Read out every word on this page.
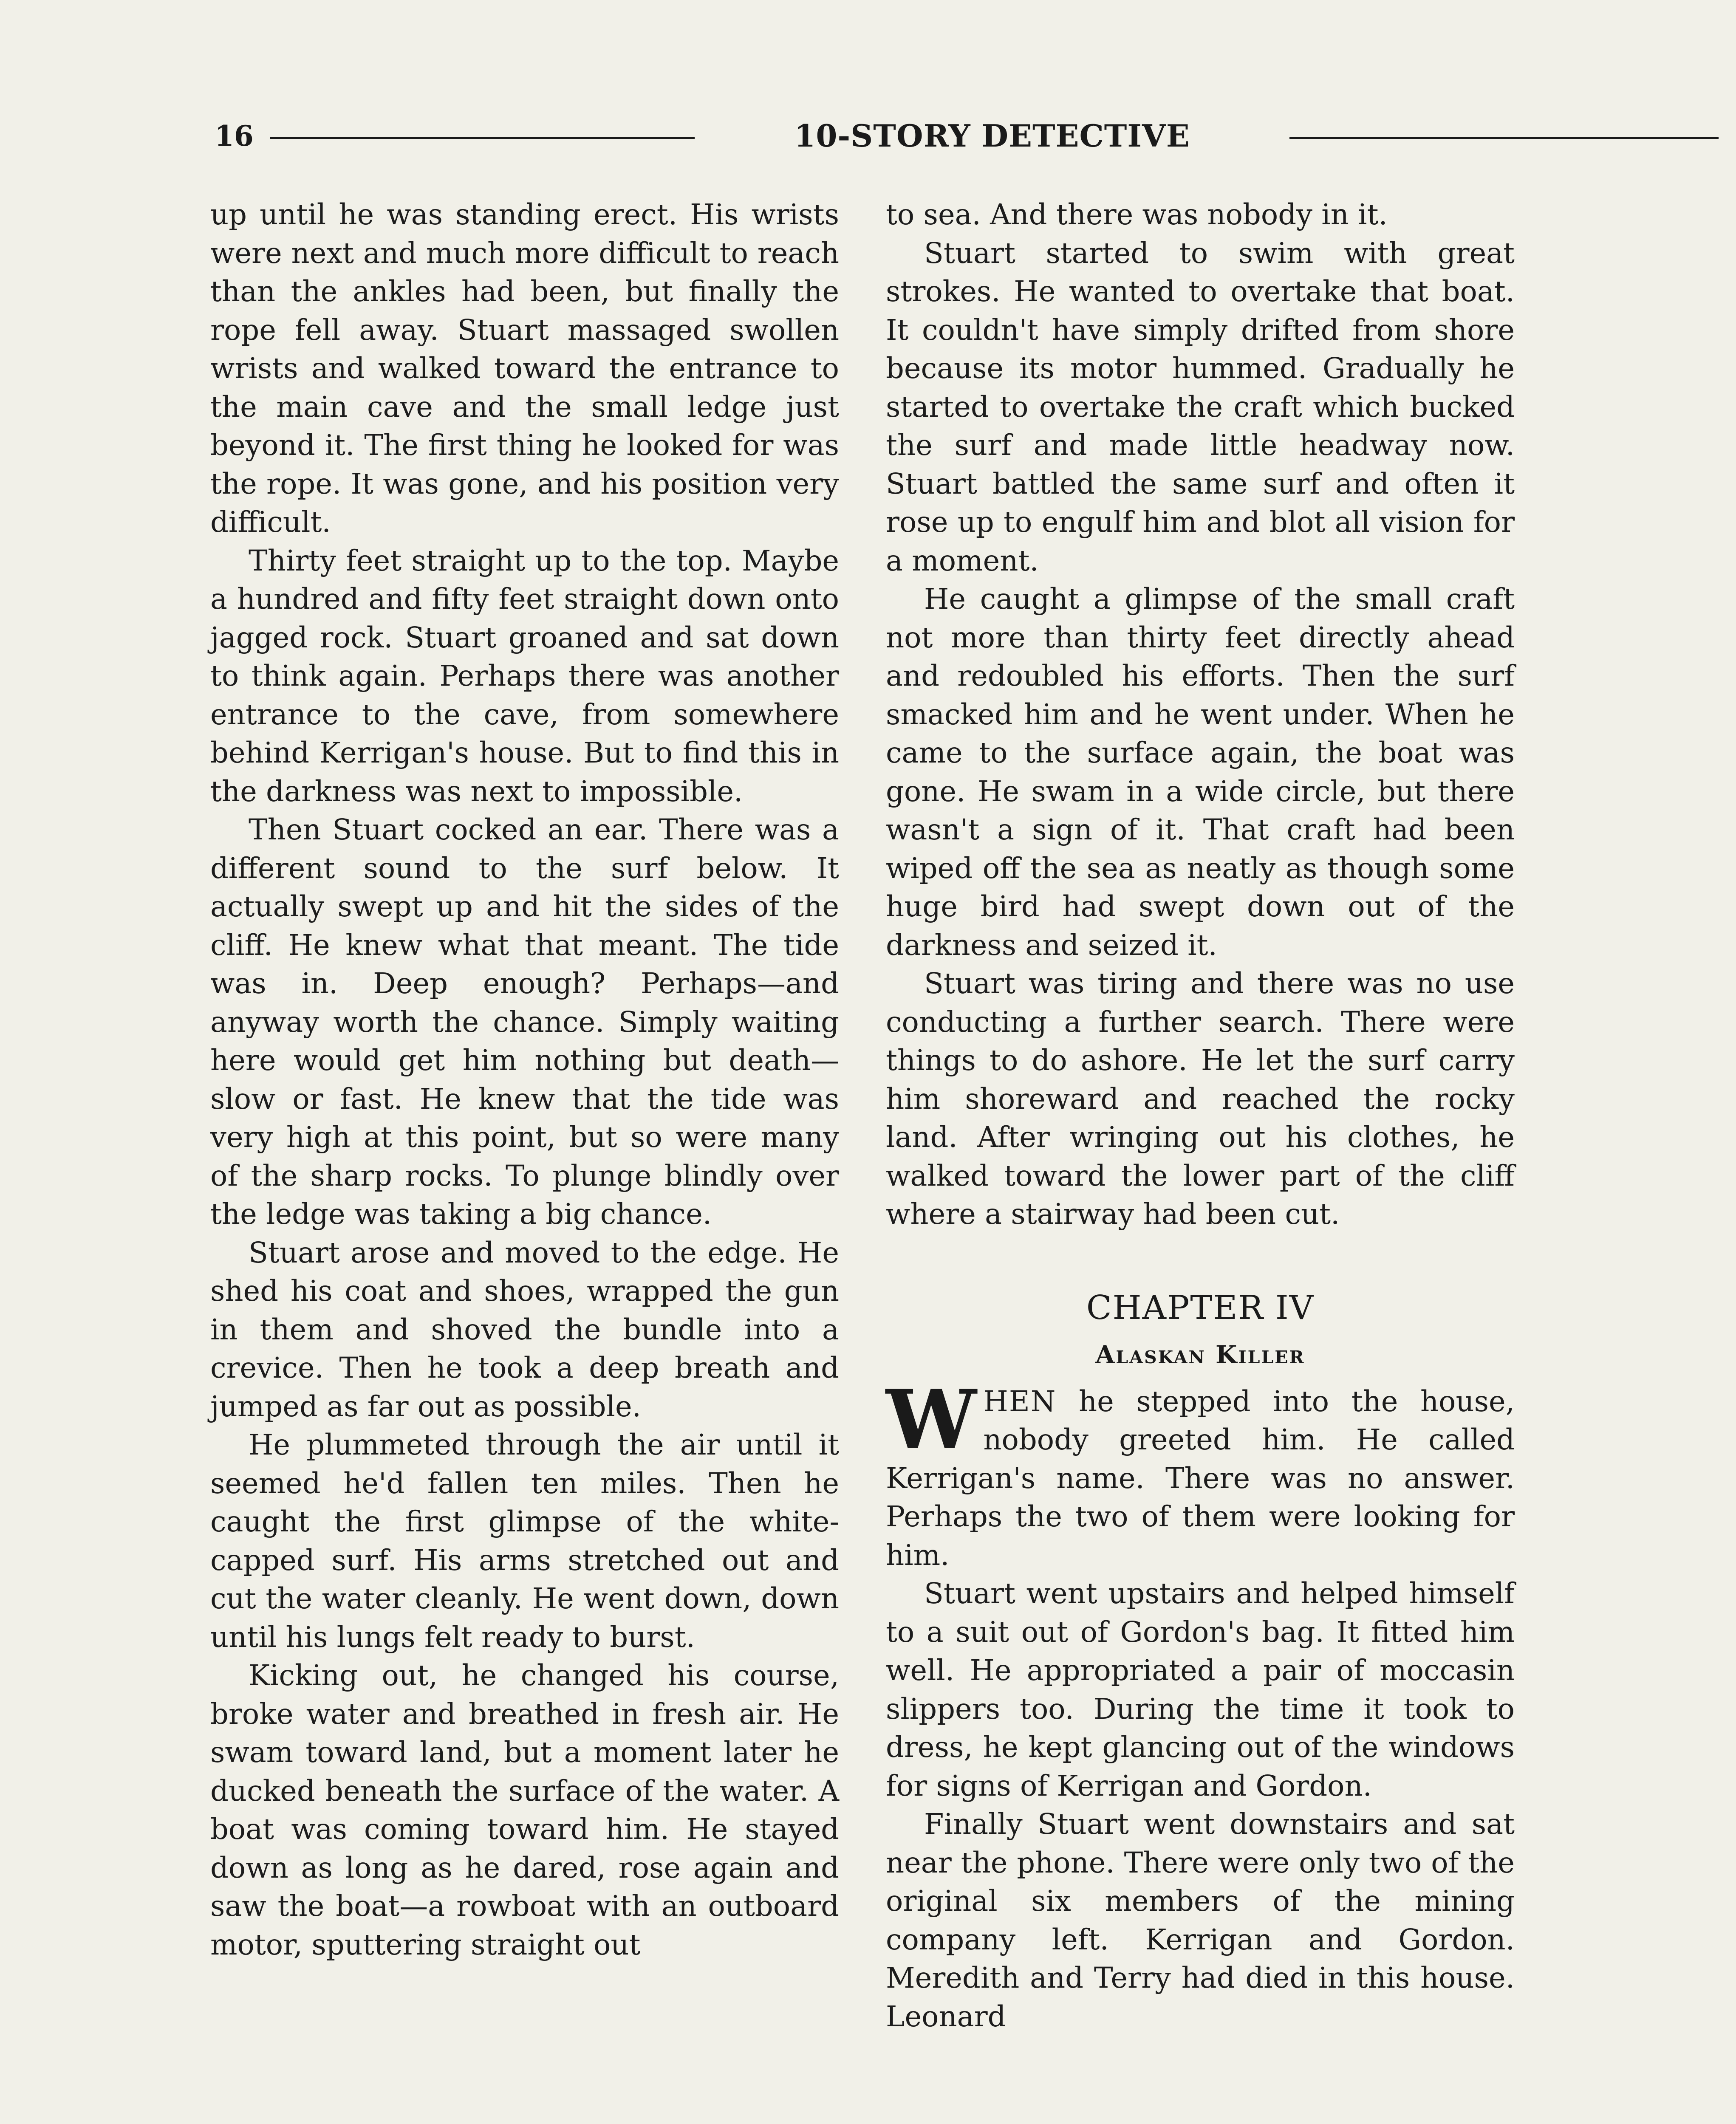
16	10-STORY DETECTIVE

up until he was standing erect. His wrists were next and much more difficult to reach than the ankles had been, but finally the rope fell away. Stuart massaged swollen wrists and walked toward the entrance to the main cave and the small ledge just beyond it. The first thing he looked for was the rope. It was gone, and his position very difficult.

Thirty feet straight up to the top. Maybe a hundred and fifty feet straight down onto jagged rock. Stuart groaned and sat down to think again. Perhaps there was another entrance to the cave, from somewhere behind Kerrigan's house. But to find this in the darkness was next to impossible.

Then Stuart cocked an ear. There was a different sound to the surf below. It actually swept up and hit the sides of the cliff. He knew what that meant. The tide was in. Deep enough? Perhaps—and anyway worth the chance. Simply waiting here would get him nothing but death—slow or fast. He knew that the tide was very high at this point, but so were many of the sharp rocks. To plunge blindly over the ledge was taking a big chance.

Stuart arose and moved to the edge. He shed his coat and shoes, wrapped the gun in them and shoved the bundle into a crevice. Then he took a deep breath and jumped as far out as possible.

He plummeted through the air until it seemed he'd fallen ten miles. Then he caught the first glimpse of the white-capped surf. His arms stretched out and cut the water cleanly. He went down, down until his lungs felt ready to burst.

Kicking out, he changed his course, broke water and breathed in fresh air. He swam toward land, but a moment later he ducked beneath the surface of the water. A boat was coming toward him. He stayed down as long as he dared, rose again and saw the boat—a rowboat with an outboard motor, sputtering straight out

to sea. And there was nobody in it.

Stuart started to swim with great strokes. He wanted to overtake that boat. It couldn't have simply drifted from shore because its motor hummed. Gradually he started to overtake the craft which bucked the surf and made little headway now. Stuart battled the same surf and often it rose up to engulf him and blot all vision for a moment.

He caught a glimpse of the small craft not more than thirty feet directly ahead and redoubled his efforts. Then the surf smacked him and he went under. When he came to the surface again, the boat was gone. He swam in a wide circle, but there wasn't a sign of it. That craft had been wiped off the sea as neatly as though some huge bird had swept down out of the darkness and seized it.

Stuart was tiring and there was no use conducting a further search. There were things to do ashore. He let the surf carry him shoreward and reached the rocky land. After wringing out his clothes, he walked toward the lower part of the cliff where a stairway had been cut.

CHAPTER IV
Alaskan Killer

WHEN he stepped into the house, nobody greeted him. He called Kerrigan's name. There was no answer. Perhaps the two of them were looking for him.

Stuart went upstairs and helped himself to a suit out of Gordon's bag. It fitted him well. He appropriated a pair of moccasin slippers too. During the time it took to dress, he kept glancing out of the windows for signs of Kerrigan and Gordon.

Finally Stuart went downstairs and sat near the phone. There were only two of the original six members of the mining company left. Kerrigan and Gordon. Meredith and Terry had died in this house. Leonard
